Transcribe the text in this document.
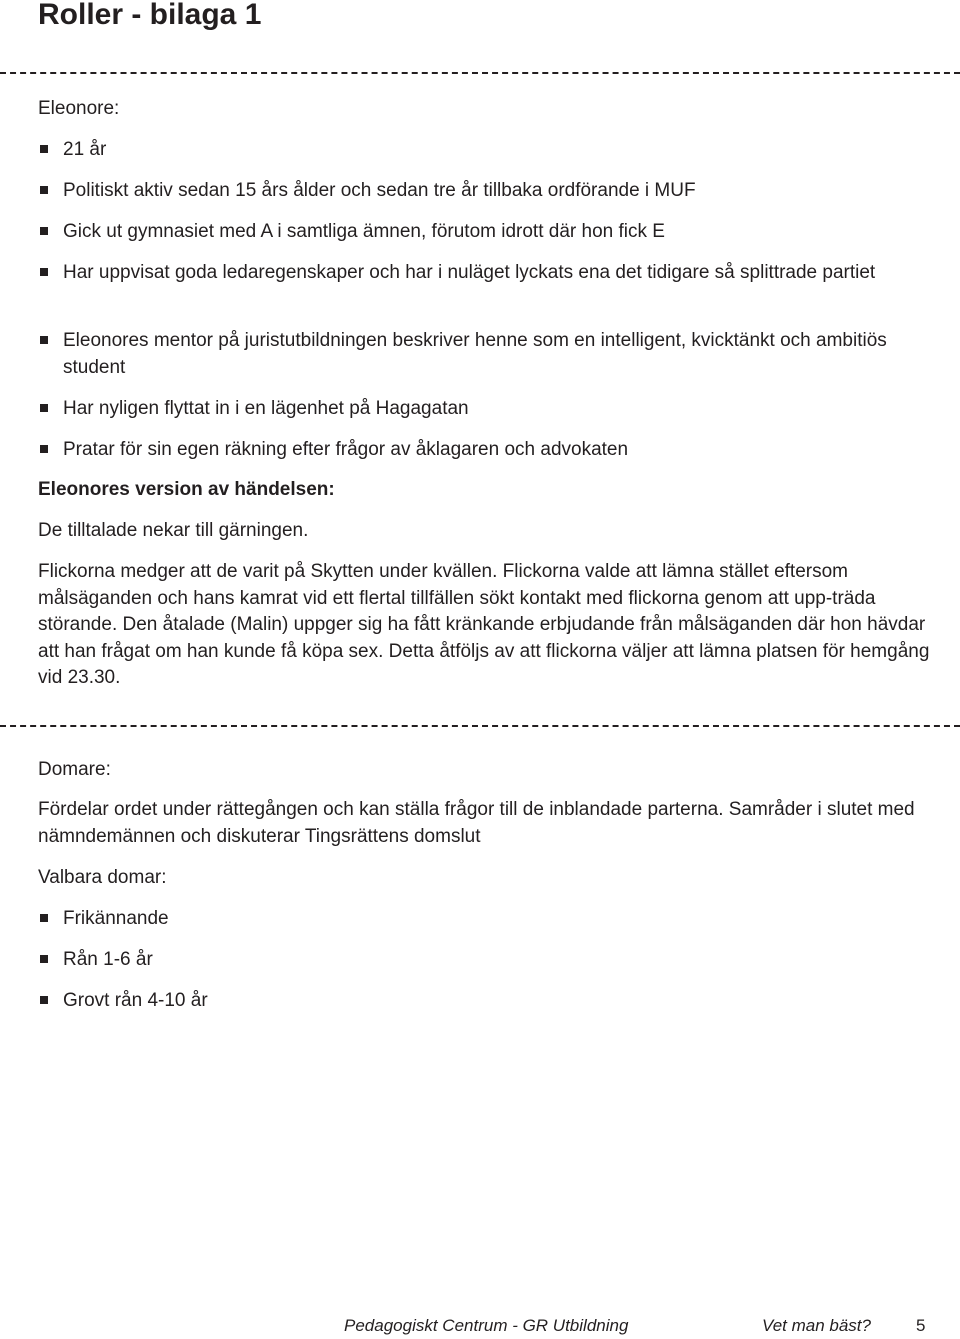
Roller - bilaga 1
Eleonore:
21 år
Politiskt aktiv sedan 15 års ålder och sedan tre år tillbaka ordförande i MUF
Gick ut gymnasiet med A i samtliga ämnen, förutom idrott där hon fick E
Har uppvisat goda ledaregenskaper och har i nuläget lyckats ena det tidigare så splittrade partiet
Eleonores mentor på juristutbildningen beskriver henne som en intelligent, kvicktänkt och ambitiös student
Har nyligen flyttat in i en lägenhet på Hagagatan
Pratar för sin egen räkning efter frågor av åklagaren och advokaten
Eleonores version av händelsen:
De tilltalade nekar till gärningen.

Flickorna medger att de varit på Skytten under kvällen. Flickorna valde att lämna stället eftersom målsäganden och hans kamrat vid ett flertal tillfällen sökt kontakt med flickorna genom att upp-träda störande. Den åtalade (Malin) uppger sig ha fått kränkande erbjudande från målsäganden där hon hävdar att han frågat om han kunde få köpa sex. Detta åtföljs av att flickorna väljer att lämna platsen för hemgång vid 23.30.

Domare:

Fördelar ordet under rättegången och kan ställa frågor till de inblandade parterna. Samråder i slutet med nämndemännen och diskuterar Tingsrättens domslut

Valbara domar:
Frikännande
Rån 1-6 år
Grovt rån 4-10 år
Pedagogiskt Centrum - GR Utbildning	Vet man bäst?	5
